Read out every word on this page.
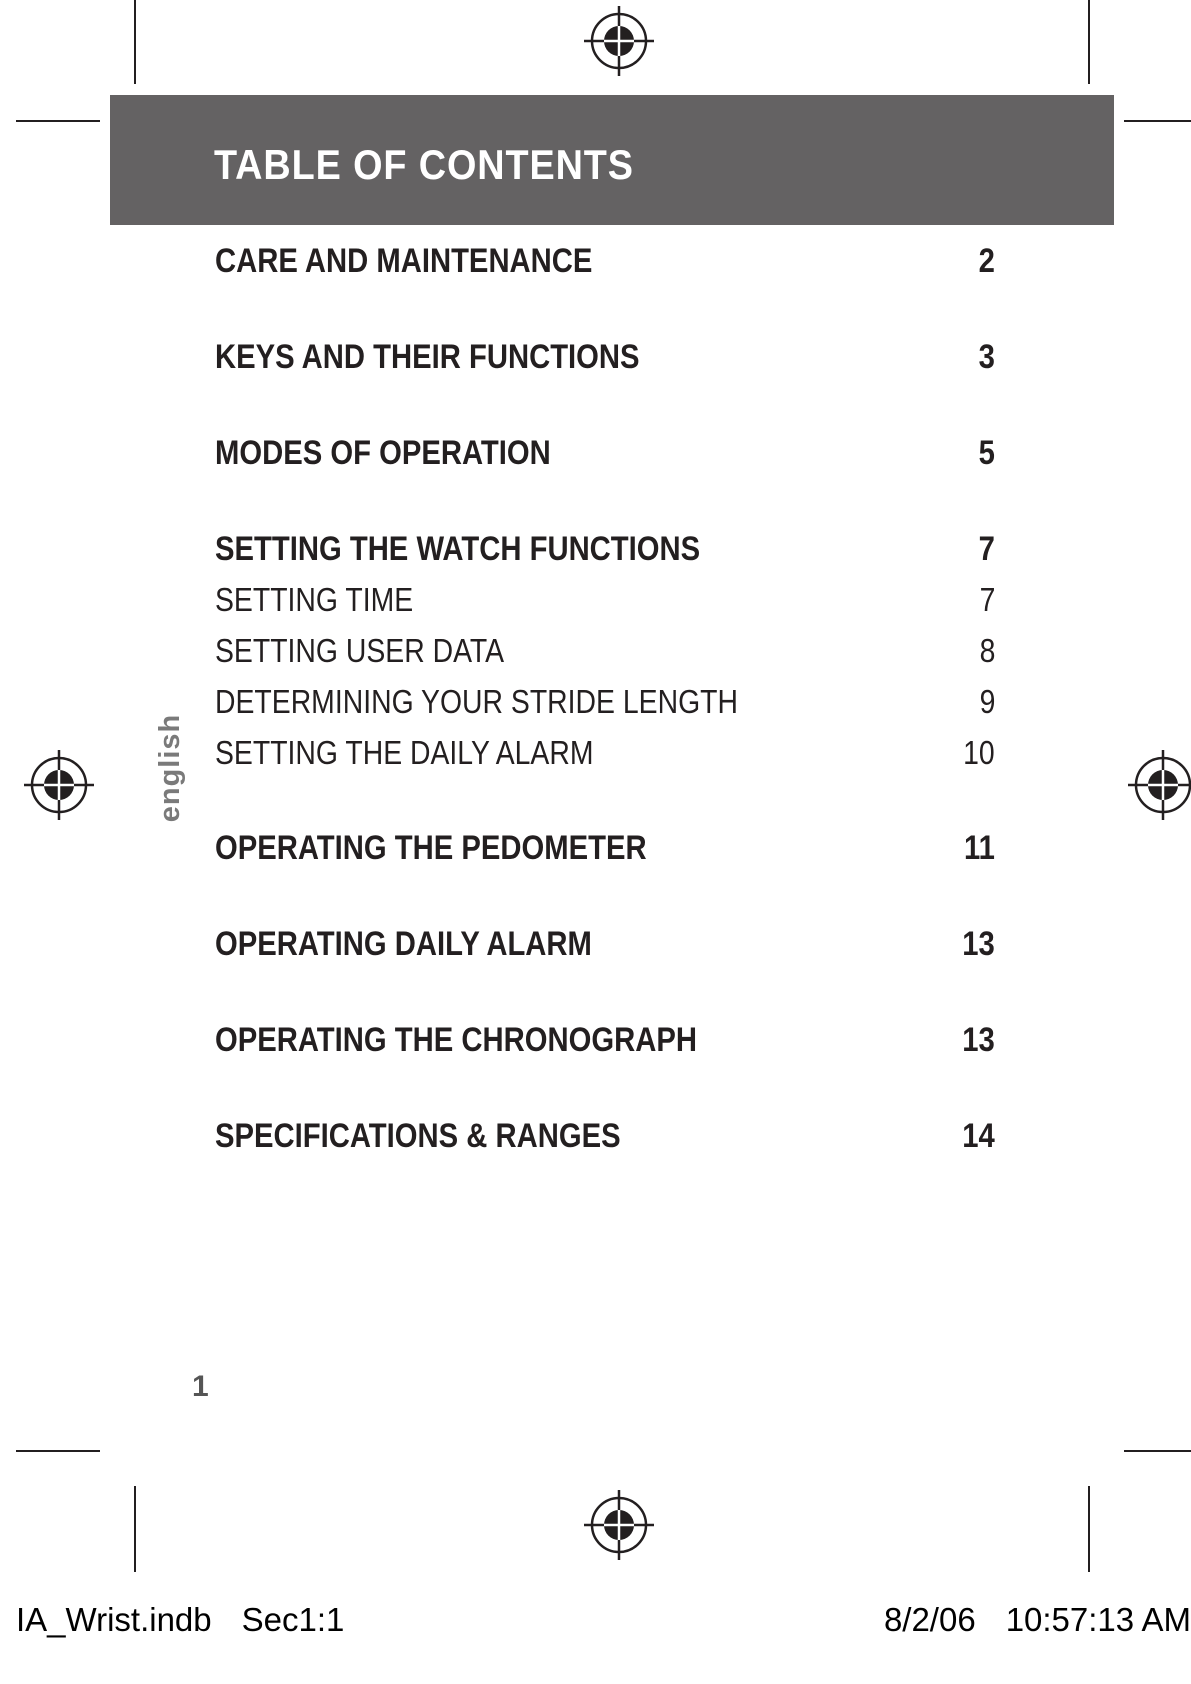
TABLE OF CONTENTS
english
CARE AND MAINTENANCE	2
KEYS AND THEIR FUNCTIONS	3
MODES OF OPERATION	5
SETTING THE WATCH FUNCTIONS	7
SETTING TIME	7
SETTING USER DATA	8
DETERMINING YOUR STRIDE LENGTH	9
SETTING THE DAILY ALARM	10
OPERATING THE PEDOMETER	11
OPERATING DAILY ALARM	13
OPERATING THE CHRONOGRAPH	13
SPECIFICATIONS & RANGES	14
1
IA_Wrist.indb Sec1:1	8/2/06 10:57:13 AM
